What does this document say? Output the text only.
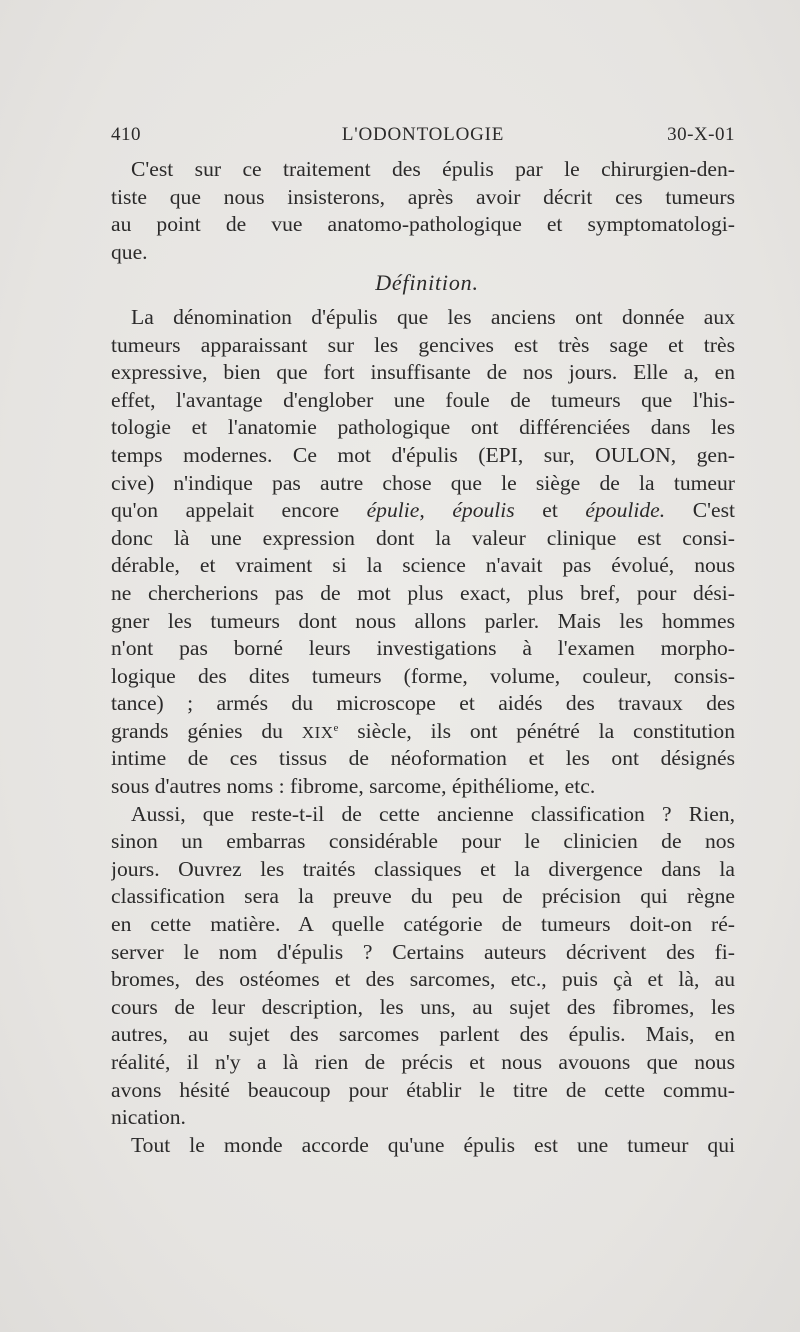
410	L'ODONTOLOGIE	30-X-01
C'est sur ce traitement des épulis par le chirurgien-den-
tiste que nous insisterons, après avoir décrit ces tumeurs
au point de vue anatomo-pathologique et symptomatologi-
que.
Définition.
La dénomination d'épulis que les anciens ont donnée aux
tumeurs apparaissant sur les gencives est très sage et très
expressive, bien que fort insuffisante de nos jours. Elle a, en
effet, l'avantage d'englober une foule de tumeurs que l'his-
tologie et l'anatomie pathologique ont différenciées dans les
temps modernes. Ce mot d'épulis (EPI, sur, OULON, gen-
cive) n'indique pas autre chose que le siège de la tumeur
qu'on appelait encore épulie, époulis et époulide. C'est
donc là une expression dont la valeur clinique est consi-
dérable, et vraiment si la science n'avait pas évolué, nous
ne chercherions pas de mot plus exact, plus bref, pour dési-
gner les tumeurs dont nous allons parler. Mais les hommes
n'ont pas borné leurs investigations à l'examen morpho-
logique des dites tumeurs (forme, volume, couleur, consis-
tance) ; armés du microscope et aidés des travaux des
grands génies du XIXe siècle, ils ont pénétré la constitution
intime de ces tissus de néoformation et les ont désignés
sous d'autres noms : fibrome, sarcome, épithéliome, etc.
Aussi, que reste-t-il de cette ancienne classification ? Rien,
sinon un embarras considérable pour le clinicien de nos
jours. Ouvrez les traités classiques et la divergence dans la
classification sera la preuve du peu de précision qui règne
en cette matière. A quelle catégorie de tumeurs doit-on ré-
server le nom d'épulis ? Certains auteurs décrivent des fi-
bromes, des ostéomes et des sarcomes, etc., puis çà et là, au
cours de leur description, les uns, au sujet des fibromes, les
autres, au sujet des sarcomes parlent des épulis. Mais, en
réalité, il n'y a là rien de précis et nous avouons que nous
avons hésité beaucoup pour établir le titre de cette commu-
nication.
Tout le monde accorde qu'une épulis est une tumeur qui
